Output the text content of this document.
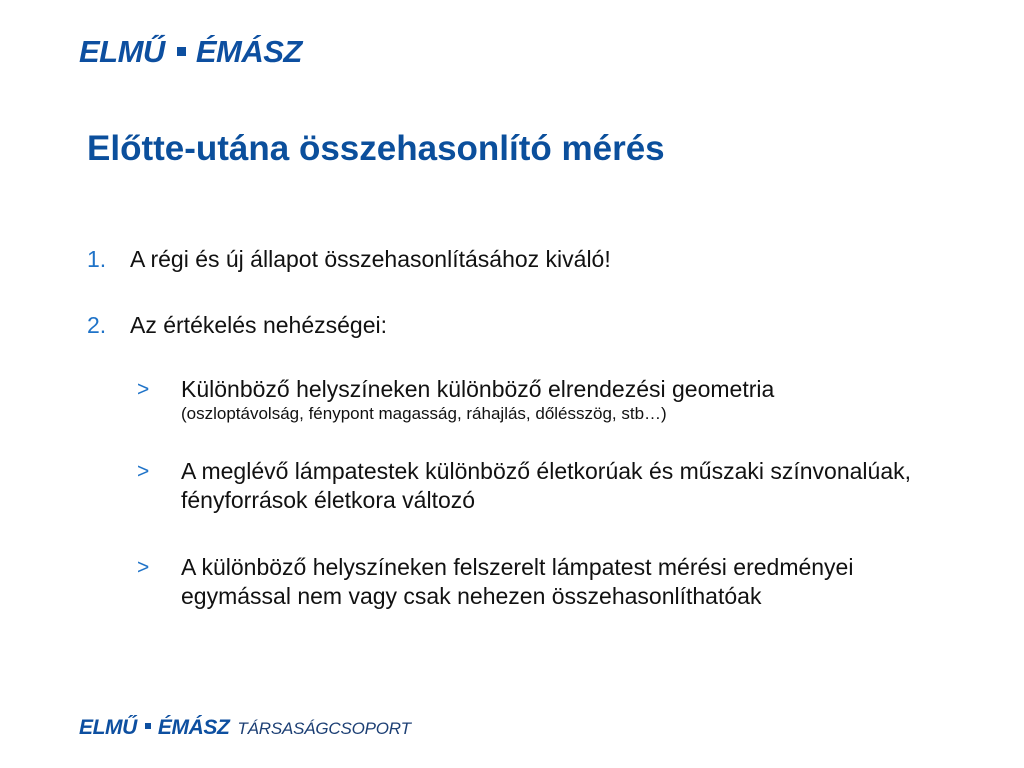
ELMŰ ÉMÁSZ
Előtte-utána összehasonlító mérés
1. A régi és új állapot összehasonlításához kiváló!
2. Az értékelés nehézségei:
> Különböző helyszíneken különböző elrendezési geometria
(oszloptávolság, fénypont magasság, ráhajlás, dőlésszög, stb…)
> A meglévő lámpatestek különböző életkorúak és műszaki színvonalúak, fényforrások életkora változó
> A különböző helyszíneken felszerelt lámpatest mérési eredményei egymással nem vagy csak nehezen összehasonlíthatóak
ELMŰ ÉMÁSZ TÁRSASÁGCSOPORT
